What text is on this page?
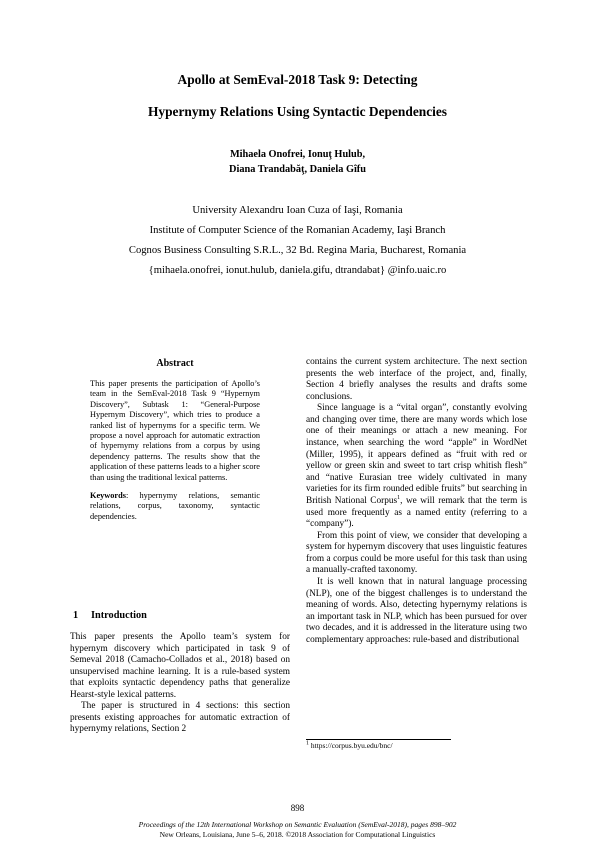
Apollo at SemEval-2018 Task 9: Detecting
Hypernymy Relations Using Syntactic Dependencies
Mihaela Onofrei, Ionuţ Hulub,
Diana Trandabăţ, Daniela Gîfu
University Alexandru Ioan Cuza of Iaşi, Romania
Institute of Computer Science of the Romanian Academy, Iaşi Branch
Cognos Business Consulting S.R.L., 32 Bd. Regina Maria, Bucharest, Romania
{mihaela.onofrei, ionut.hulub, daniela.gifu, dtrandabat} @info.uaic.ro
Abstract

This paper presents the participation of Apollo’s team in the SemEval-2018 Task 9 “Hypernym Discovery”, Subtask 1: “General-Purpose Hypernym Discovery”, which tries to produce a ranked list of hypernyms for a specific term. We propose a novel approach for automatic extraction of hypernymy relations from a corpus by using dependency patterns. The results show that the application of these patterns leads to a higher score than using the traditional lexical patterns.

Keywords: hypernymy relations, semantic relations, corpus, taxonomy, syntactic dependencies.

1 Introduction

This paper presents the Apollo team’s system for hypernym discovery which participated in task 9 of Semeval 2018 (Camacho-Collados et al., 2018) based on unsupervised machine learning. It is a rule-based system that exploits syntactic dependency paths that generalize Hearst-style lexical patterns.

The paper is structured in 4 sections: this section presents existing approaches for automatic extraction of hypernymy relations, Section 2

contains the current system architecture. The next section presents the web interface of the project, and, finally, Section 4 briefly analyses the results and drafts some conclusions.

Since language is a “vital organ”, constantly evolving and changing over time, there are many words which lose one of their meanings or attach a new meaning. For instance, when searching the word “apple” in WordNet (Miller, 1995), it appears defined as “fruit with red or yellow or green skin and sweet to tart crisp whitish flesh” and “native Eurasian tree widely cultivated in many varieties for its firm rounded edible fruits” but searching in British National Corpus$^1$, we will remark that the term is used more frequently as a named entity (referring to a “company”).

From this point of view, we consider that developing a system for hypernym discovery that uses linguistic features from a corpus could be more useful for this task than using a manually-crafted taxonomy.

It is well known that in natural language processing (NLP), one of the biggest challenges is to understand the meaning of words. Also, detecting hypernymy relations is an important task in NLP, which has been pursued for over two decades, and it is addressed in the literature using two complementary approaches: rule-based and distributional

$^1$ https://corpus.byu.edu/bnc/
898
Proceedings of the 12th International Workshop on Semantic Evaluation (SemEval-2018), pages 898–902
New Orleans, Louisiana, June 5–6, 2018. ©2018 Association for Computational Linguistics
